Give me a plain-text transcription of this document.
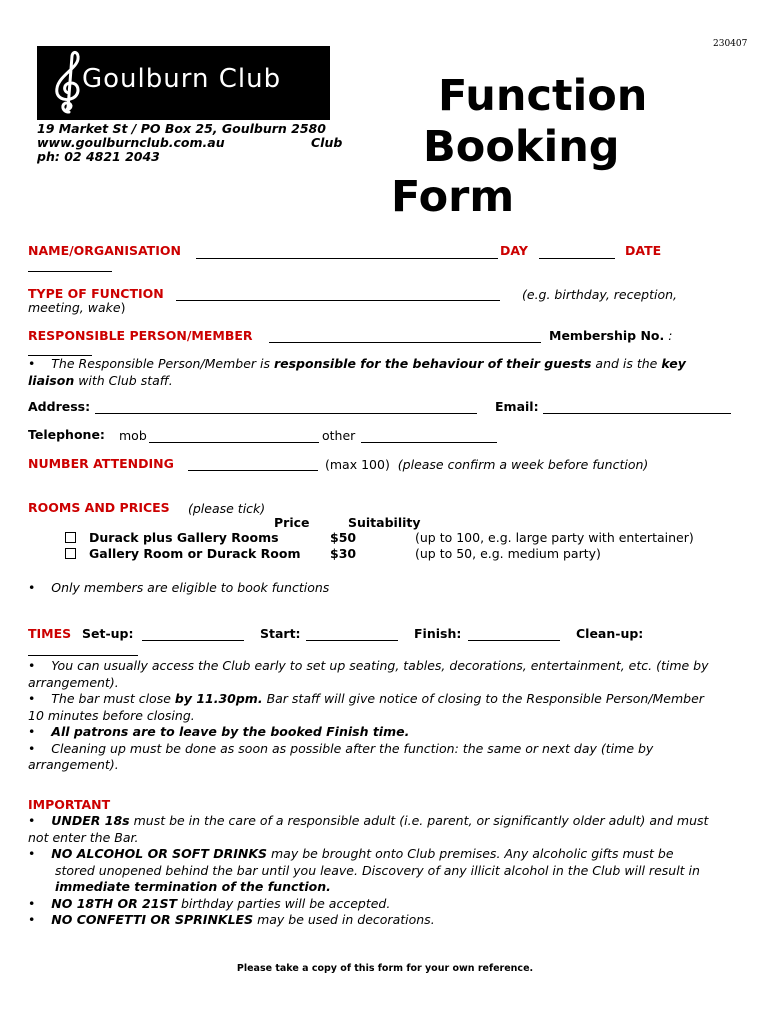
230407
Goulburn Club
19 Market St / PO Box 25, Goulburn 2580
www.goulburnclub.com.au	Club
ph: 02 4821 2043
Function
Booking
Form
NAME/ORGANISATION	DAY	DATE
TYPE OF FUNCTION	(e.g. birthday, reception,
meeting, wake)
RESPONSIBLE PERSON/MEMBER	Membership No. :
• The Responsible Person/Member is responsible for the behaviour of their guests and is the key
liaison with Club staff.
Address:	Email:
Telephone: mob	other
NUMBER ATTENDING	(max 100) (please confirm a week before function)
ROOMS AND PRICES (please tick)
Price	Suitability
Durack plus Gallery Rooms	$50	(up to 100, e.g. large party with entertainer)
Gallery Room or Durack Room $30	(up to 50, e.g. medium party)
• Only members are eligible to book functions
TIMES Set-up:	Start:	Finish:	Clean-up:
• You can usually access the Club early to set up seating, tables, decorations, entertainment, etc. (time by
arrangement).
• The bar must close by 11.30pm. Bar staff will give notice of closing to the Responsible Person/Member
10 minutes before closing.
• All patrons are to leave by the booked Finish time.
• Cleaning up must be done as soon as possible after the function: the same or next day (time by
arrangement).
IMPORTANT
• UNDER 18s must be in the care of a responsible adult (i.e. parent, or significantly older adult) and must
not enter the Bar.
• NO ALCOHOL OR SOFT DRINKS may be brought onto Club premises. Any alcoholic gifts must be
stored unopened behind the bar until you leave. Discovery of any illicit alcohol in the Club will result in
immediate termination of the function.
• NO 18TH OR 21ST birthday parties will be accepted.
• NO CONFETTI OR SPRINKLES may be used in decorations.
Please take a copy of this form for your own reference.
